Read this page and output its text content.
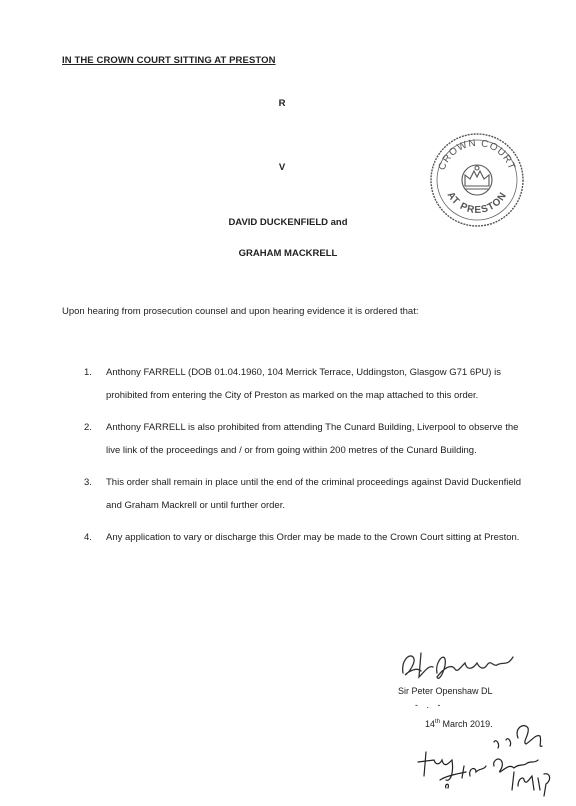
IN THE CROWN COURT SITTING AT PRESTON
R
V	CROWN COURT
AT PRESTON
DAVID DUCKENFIELD and
GRAHAM MACKRELL
Upon hearing from prosecution counsel and upon hearing evidence it is ordered that:
1. Anthony FARRELL (DOB 01.04.1960, 104 Merrick Terrace, Uddingston, Glasgow G71 6PU) is prohibited from entering the City of Preston as marked on the map attached to this order.
2. Anthony FARRELL is also prohibited from attending The Cunard Building, Liverpool to observe the live link of the proceedings and / or from going within 200 metres of the Cunard Building.
3. This order shall remain in place until the end of the criminal proceedings against David Duckenfield and Graham Mackrell or until further order.
4. Any application to vary or discharge this Order may be made to the Crown Court sitting at Preston.
Sir Peter Openshaw DL
- . -
14th March 2019.
A true copy. Officer of the Crown Court 14/iii/19
